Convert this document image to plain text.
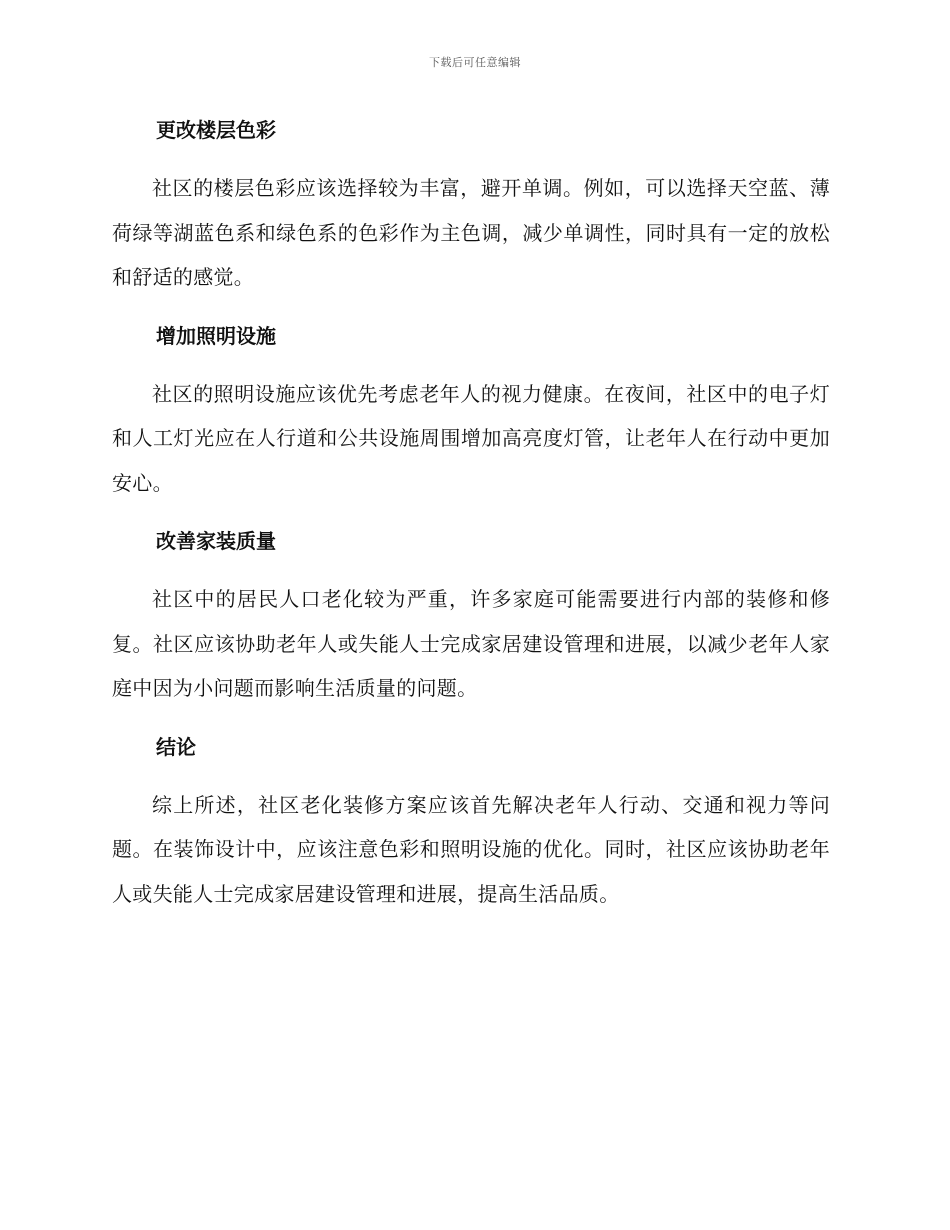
下载后可任意编辑
更改楼层色彩

社区的楼层色彩应该选择较为丰富，避开单调。例如，可以选择天空蓝、薄荷绿等湖蓝色系和绿色系的色彩作为主色调，减少单调性，同时具有一定的放松和舒适的感觉。

增加照明设施

社区的照明设施应该优先考虑老年人的视力健康。在夜间，社区中的电子灯和人工灯光应在人行道和公共设施周围增加高亮度灯管，让老年人在行动中更加安心。

改善家装质量

社区中的居民人口老化较为严重，许多家庭可能需要进行内部的装修和修复。社区应该协助老年人或失能人士完成家居建设管理和进展，以减少老年人家庭中因为小问题而影响生活质量的问题。

结论

综上所述，社区老化装修方案应该首先解决老年人行动、交通和视力等问题。在装饰设计中，应该注意色彩和照明设施的优化。同时，社区应该协助老年人或失能人士完成家居建设管理和进展，提高生活品质。
